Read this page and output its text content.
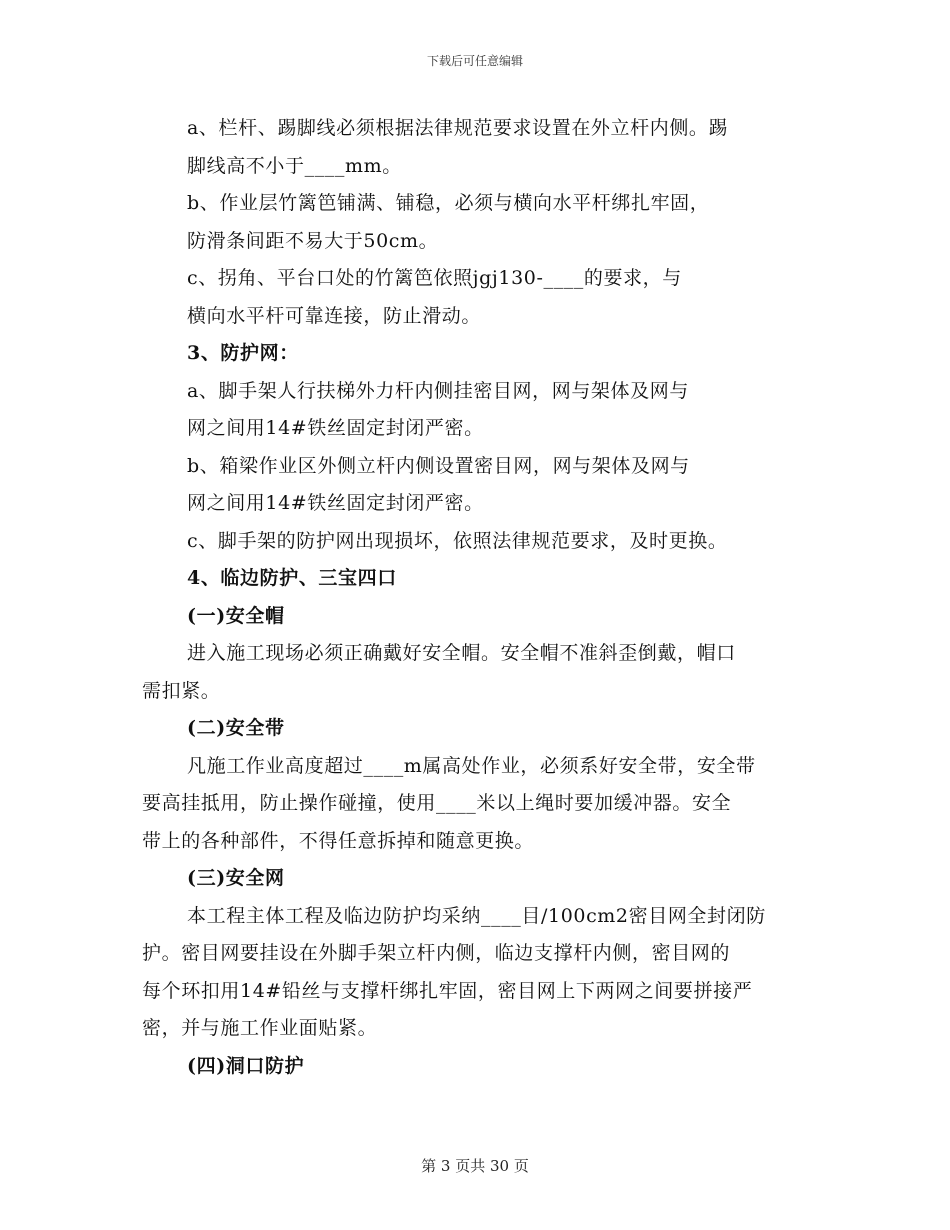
下载后可任意编辑
a、栏杆、踢脚线必须根据法律规范要求设置在外立杆内侧。踢
脚线高不小于____mm。
b、作业层竹篱笆铺满、铺稳，必须与横向水平杆绑扎牢固，
防滑条间距不易大于50cm。
c、拐角、平台口处的竹篱笆依照jgj130-____的要求，与
横向水平杆可靠连接，防止滑动。
3、防护网：
a、脚手架人行扶梯外力杆内侧挂密目网，网与架体及网与
网之间用14#铁丝固定封闭严密。
b、箱梁作业区外侧立杆内侧设置密目网，网与架体及网与
网之间用14#铁丝固定封闭严密。
c、脚手架的防护网出现损坏，依照法律规范要求，及时更换。
4、临边防护、三宝四口
(一)安全帽
进入施工现场必须正确戴好安全帽。安全帽不准斜歪倒戴，帽口
需扣紧。
(二)安全带
凡施工作业高度超过____m属高处作业，必须系好安全带，安全带
要高挂抵用，防止操作碰撞，使用____米以上绳时要加缓冲器。安全
带上的各种部件，不得任意拆掉和随意更换。
(三)安全网
本工程主体工程及临边防护均采纳____目/100cm2密目网全封闭防
护。密目网要挂设在外脚手架立杆内侧，临边支撑杆内侧，密目网的
每个环扣用14#铅丝与支撑杆绑扎牢固，密目网上下两网之间要拼接严
密，并与施工作业面贴紧。
(四)洞口防护
第 3 页共 30 页
